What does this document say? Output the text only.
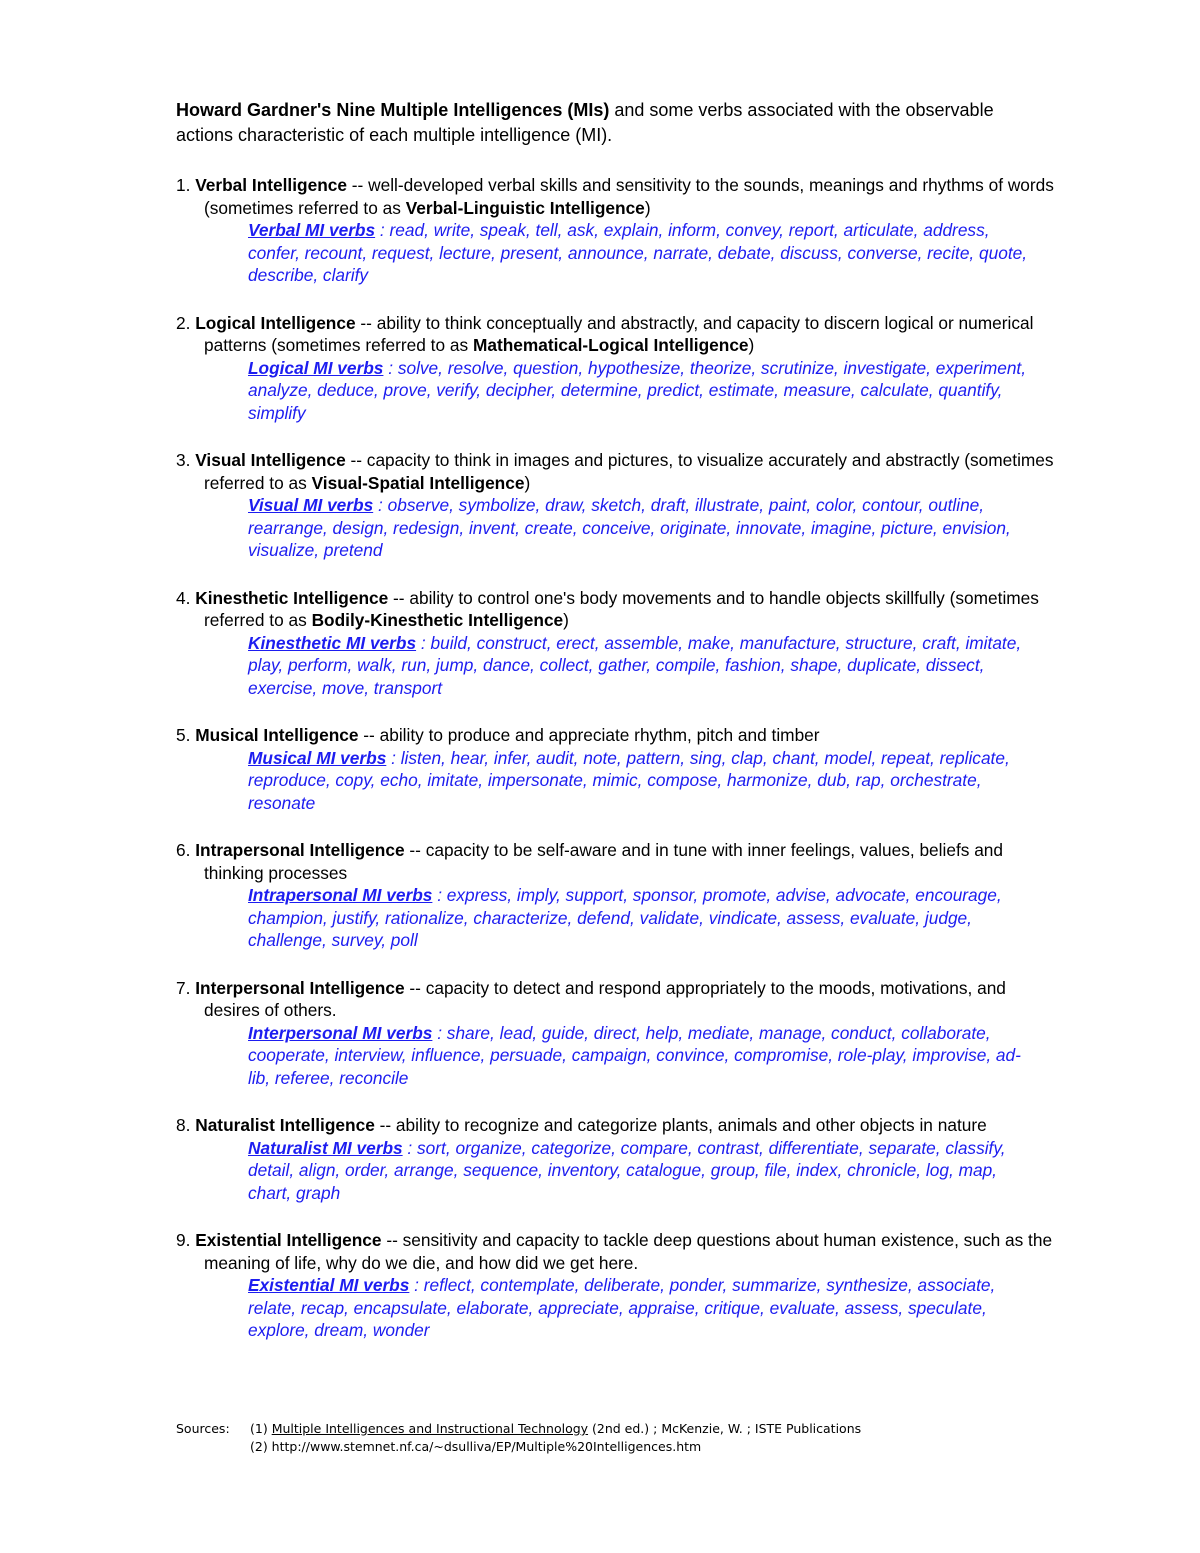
Howard Gardner's Nine Multiple Intelligences (MIs) and some verbs associated with the observable actions characteristic of each multiple intelligence (MI).
1. Verbal Intelligence -- well-developed verbal skills and sensitivity to the sounds, meanings and rhythms of words (sometimes referred to as Verbal-Linguistic Intelligence)
Verbal MI verbs : read, write, speak, tell, ask, explain, inform, convey, report, articulate, address, confer, recount, request, lecture, present, announce, narrate, debate, discuss, converse, recite, quote, describe, clarify
2. Logical Intelligence -- ability to think conceptually and abstractly, and capacity to discern logical or numerical patterns (sometimes referred to as Mathematical-Logical Intelligence)
Logical MI verbs : solve, resolve, question, hypothesize, theorize, scrutinize, investigate, experiment, analyze, deduce, prove, verify, decipher, determine, predict, estimate, measure, calculate, quantify, simplify
3. Visual Intelligence -- capacity to think in images and pictures, to visualize accurately and abstractly (sometimes referred to as Visual-Spatial Intelligence)
Visual MI verbs : observe, symbolize, draw, sketch, draft, illustrate, paint, color, contour, outline, rearrange, design, redesign, invent, create, conceive, originate, innovate, imagine, picture, envision, visualize, pretend
4. Kinesthetic Intelligence -- ability to control one's body movements and to handle objects skillfully (sometimes referred to as Bodily-Kinesthetic Intelligence)
Kinesthetic MI verbs : build, construct, erect, assemble, make, manufacture, structure, craft, imitate, play, perform, walk, run, jump, dance, collect, gather, compile, fashion, shape, duplicate, dissect, exercise, move, transport
5. Musical Intelligence -- ability to produce and appreciate rhythm, pitch and timber
Musical MI verbs : listen, hear, infer, audit, note, pattern, sing, clap, chant, model, repeat, replicate, reproduce, copy, echo, imitate, impersonate, mimic, compose, harmonize, dub, rap, orchestrate, resonate
6. Intrapersonal Intelligence -- capacity to be self-aware and in tune with inner feelings, values, beliefs and thinking processes
Intrapersonal MI verbs : express, imply, support, sponsor, promote, advise, advocate, encourage, champion, justify, rationalize, characterize, defend, validate, vindicate, assess, evaluate, judge, challenge, survey, poll
7. Interpersonal Intelligence -- capacity to detect and respond appropriately to the moods, motivations, and desires of others.
Interpersonal MI verbs : share, lead, guide, direct, help, mediate, manage, conduct, collaborate, cooperate, interview, influence, persuade, campaign, convince, compromise, role-play, improvise, ad-lib, referee, reconcile
8. Naturalist Intelligence -- ability to recognize and categorize plants, animals and other objects in nature
Naturalist MI verbs : sort, organize, categorize, compare, contrast, differentiate, separate, classify, detail, align, order, arrange, sequence, inventory, catalogue, group, file, index, chronicle, log, map, chart, graph
9. Existential Intelligence -- sensitivity and capacity to tackle deep questions about human existence, such as the meaning of life, why do we die, and how did we get here.
Existential MI verbs : reflect, contemplate, deliberate, ponder, summarize, synthesize, associate, relate, recap, encapsulate, elaborate, appreciate, appraise, critique, evaluate, assess, speculate, explore, dream, wonder
Sources:	(1) Multiple Intelligences and Instructional Technology (2nd ed.) ; McKenzie, W. ; ISTE Publications
(2) http://www.stemnet.nf.ca/~dsulliva/EP/Multiple%20Intelligences.htm
